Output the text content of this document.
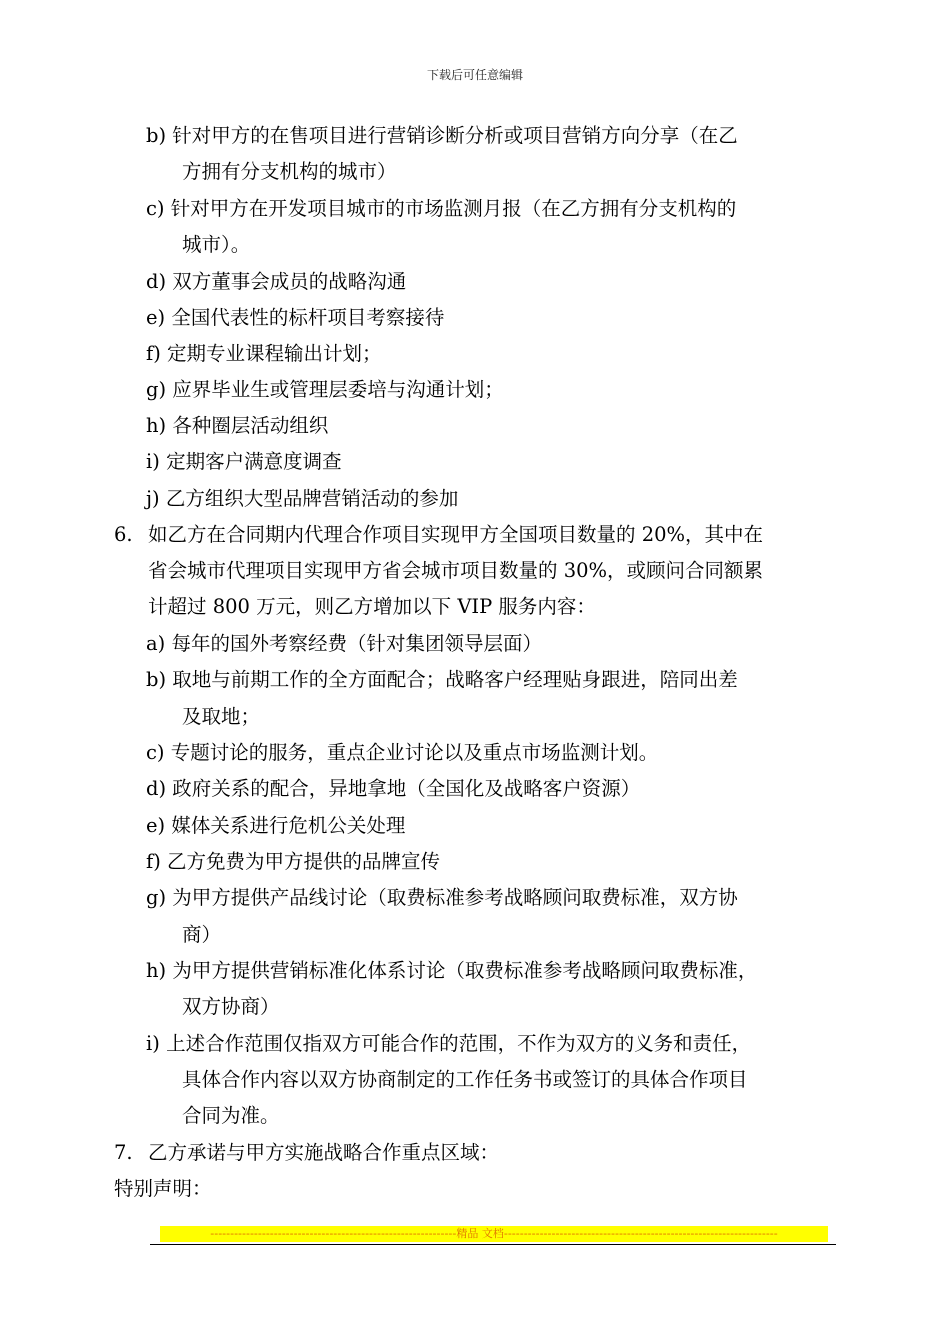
下载后可任意编辑
b) 针对甲方的在售项目进行营销诊断分析或项目营销方向分享（在乙
方拥有分支机构的城市）
c) 针对甲方在开发项目城市的市场监测月报（在乙方拥有分支机构的
城市）。
d) 双方董事会成员的战略沟通
e) 全国代表性的标杆项目考察接待
f) 定期专业课程输出计划；
g) 应界毕业生或管理层委培与沟通计划；
h) 各种圈层活动组织
i) 定期客户满意度调查
j) 乙方组织大型品牌营销活动的参加
6. 如乙方在合同期内代理合作项目实现甲方全国项目数量的 20%，其中在
省会城市代理项目实现甲方省会城市项目数量的 30%，或顾问合同额累
计超过 800 万元，则乙方增加以下 VIP 服务内容：
a) 每年的国外考察经费（针对集团领导层面）
b) 取地与前期工作的全方面配合；战略客户经理贴身跟进，陪同出差
及取地；
c) 专题讨论的服务，重点企业讨论以及重点市场监测计划。
d) 政府关系的配合，异地拿地（全国化及战略客户资源）
e) 媒体关系进行危机公关处理
f) 乙方免费为甲方提供的品牌宣传
g) 为甲方提供产品线讨论（取费标准参考战略顾问取费标准，双方协
商）
h) 为甲方提供营销标准化体系讨论（取费标准参考战略顾问取费标准，
双方协商）
i) 上述合作范围仅指双方可能合作的范围，不作为双方的义务和责任，
具体合作内容以双方协商制定的工作任务书或签订的具体合作项目
合同为准。
7. 乙方承诺与甲方实施战略合作重点区域：
特别声明：
--------------------------------------------------------------精品 文档---------------------------------------------------------------------
